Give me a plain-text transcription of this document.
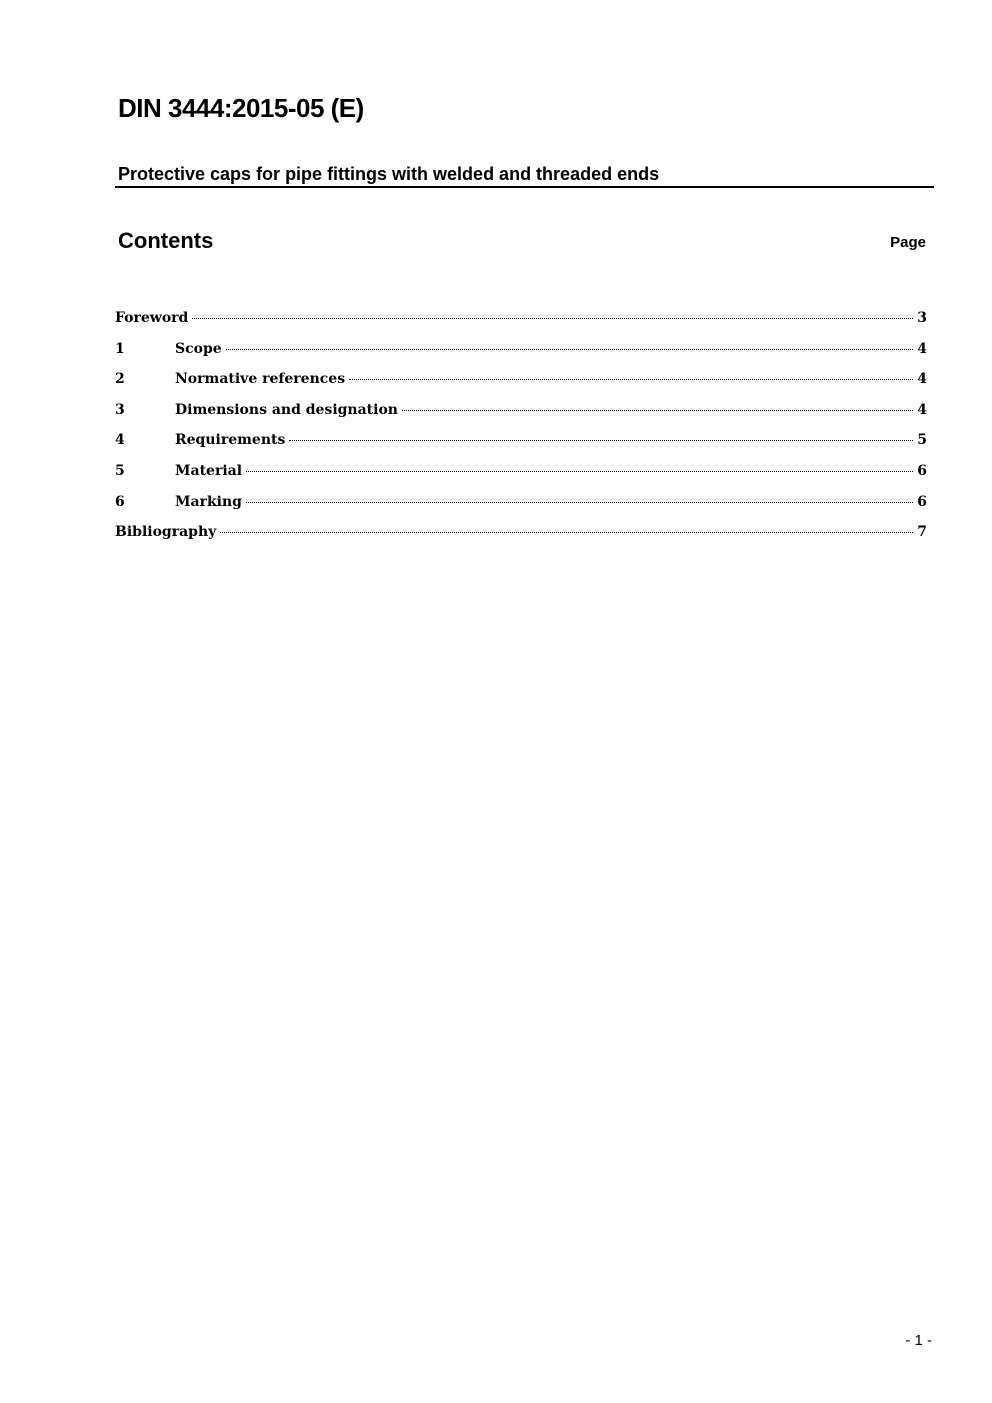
DIN 3444:2015-05 (E)
Protective caps for pipe fittings with welded and threaded ends
Contents	Page
Foreword	3
1	Scope	4
2	Normative references	4
3	Dimensions and designation	4
4	Requirements	5
5	Material	6
6	Marking	6
Bibliography	7
- 1 -
